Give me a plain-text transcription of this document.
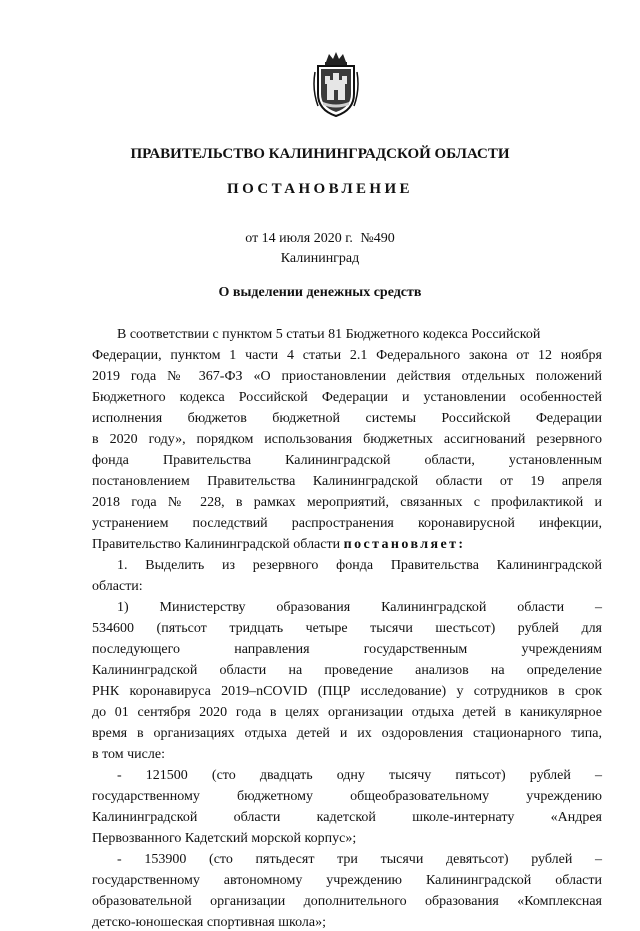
ПРАВИТЕЛЬСТВО КАЛИНИНГРАДСКОЙ ОБЛАСТИ
ПОСТАНОВЛЕНИЕ
от 14 июля 2020 г. №490
Калининград
О выделении денежных средств
В соответствии с пунктом 5 статьи 81 Бюджетного кодекса Российской
Федерации, пунктом 1 части 4 статьи 2.1 Федерального закона от 12 ноября
2019 года № 367-ФЗ «О приостановлении действия отдельных положений
Бюджетного кодекса Российской Федерации и установлении особенностей
исполнения бюджетов бюджетной системы Российской Федерации
в 2020 году», порядком использования бюджетных ассигнований резервного
фонда Правительства Калининградской области, установленным
постановлением Правительства Калининградской области от 19 апреля
2018 года № 228, в рамках мероприятий, связанных с профилактикой и
устранением последствий распространения коронавирусной инфекции,
Правительство Калининградской области постановляет:
1. Выделить из резервного фонда Правительства Калининградской
области:
1) Министерству образования Калининградской области –
534600 (пятьсот тридцать четыре тысячи шестьсот) рублей для
последующего направления государственным учреждениям
Калининградской области на проведение анализов на определение
РНК коронавируса 2019–nCOVID (ПЦР исследование) у сотрудников в срок
до 01 сентября 2020 года в целях организации отдыха детей в каникулярное
время в организациях отдыха детей и их оздоровления стационарного типа,
в том числе:
- 121500 (сто двадцать одну тысячу пятьсот) рублей –
государственному бюджетному общеобразовательному учреждению
Калининградской области кадетской школе-интернату «Андрея
Первозванного Кадетский морской корпус»;
- 153900 (сто пятьдесят три тысячи девятьсот) рублей –
государственному автономному учреждению Калининградской области
образовательной организации дополнительного образования «Комплексная
детско-юношеская спортивная школа»;
